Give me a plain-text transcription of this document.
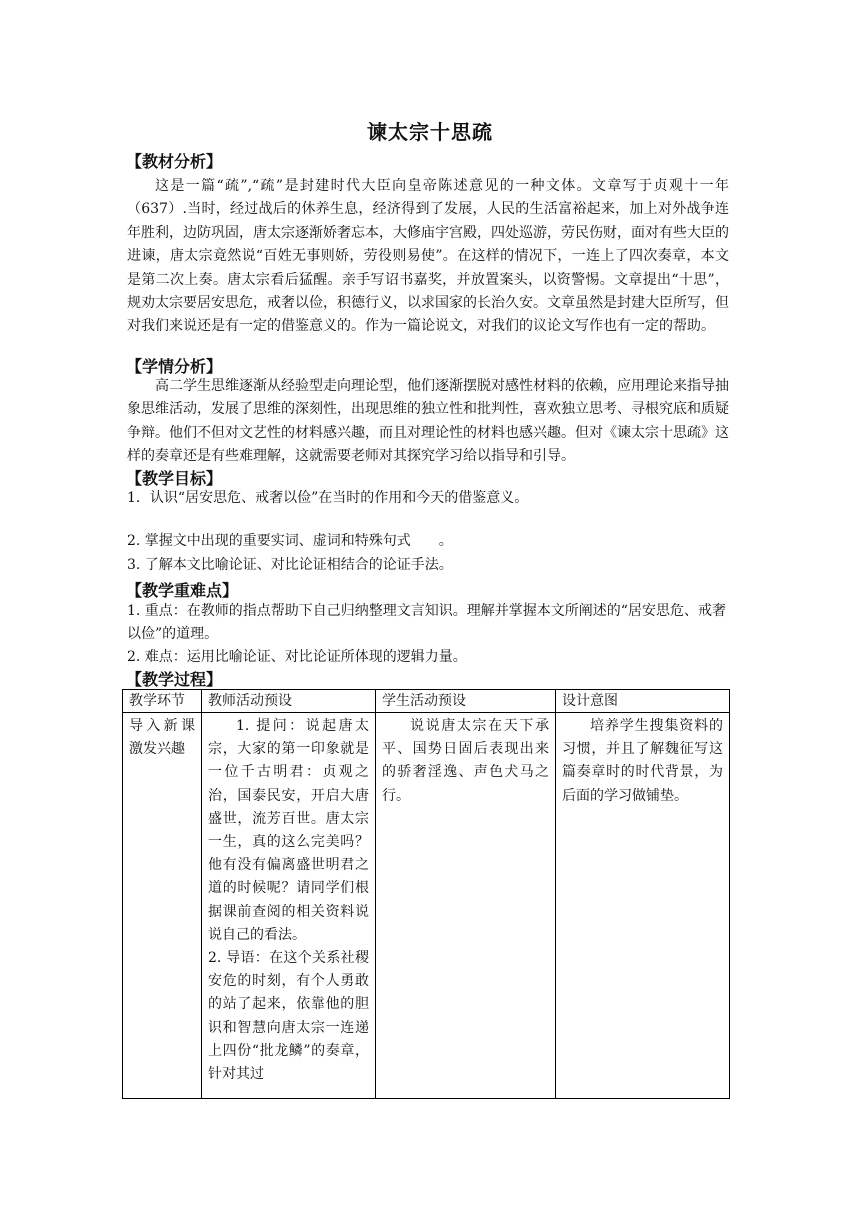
谏太宗十思疏
【教材分析】

这是一篇“疏”,“疏”是封建时代大臣向皇帝陈述意见的一种文体。文章写于贞观十一年（637）.当时，经过战后的休养生息，经济得到了发展，人民的生活富裕起来，加上对外战争连年胜利，边防巩固，唐太宗逐渐娇奢忘本，大修庙宇宫殿，四处巡游，劳民伤财，面对有些大臣的进谏，唐太宗竟然说“百姓无事则娇，劳役则易使”。在这样的情况下，一连上了四次奏章，本文是第二次上奏。唐太宗看后猛醒。亲手写诏书嘉奖，并放置案头，以资警惕。文章提出“十思”，规劝太宗要居安思危，戒奢以俭，积德行义，以求国家的长治久安。文章虽然是封建大臣所写，但对我们来说还是有一定的借鉴意义的。作为一篇论说文，对我们的议论文写作也有一定的帮助。

【学情分析】

高二学生思维逐渐从经验型走向理论型，他们逐渐摆脱对感性材料的依赖，应用理论来指导抽象思维活动，发展了思维的深刻性，出现思维的独立性和批判性，喜欢独立思考、寻根究底和质疑争辩。他们不但对文艺性的材料感兴趣，而且对理论性的材料也感兴趣。但对《谏太宗十思疏》这样的奏章还是有些难理解，这就需要老师对其探究学习给以指导和引导。

【教学目标】

1．认识“居安思危、戒奢以俭”在当时的作用和今天的借鉴意义。

2. 掌握文中出现的重要实词、虚词和特殊句式　　。

3. 了解本文比喻论证、对比论证相结合的论证手法。

【教学重难点】

1. 重点：在教师的指点帮助下自己归纳整理文言知识。理解并掌握本文所阐述的“居安思危、戒奢以俭”的道理。

2. 难点：运用比喻论证、对比论证所体现的逻辑力量。

【教学过程】
教学环节	教师活动预设	学生活动预设	设计意图

导入新课激发兴趣	1. 提问：说起唐太宗，大家的第一印象就是一位千古明君：贞观之治，国泰民安，开启大唐盛世，流芳百世。唐太宗一生，真的这么完美吗？他有没有偏离盛世明君之道的时候呢？请同学们根据课前查阅的相关资料说说自己的看法。

2. 导语：在这个关系社稷安危的时刻，有个人勇敢的站了起来，依靠他的胆识和智慧向唐太宗一连递上四份“批龙鳞”的奏章，针对其过	说说唐太宗在天下承平、国势日固后表现出来的骄奢淫逸、声色犬马之行。	培养学生搜集资料的习惯，并且了解魏征写这篇奏章时的时代背景，为后面的学习做铺垫。
